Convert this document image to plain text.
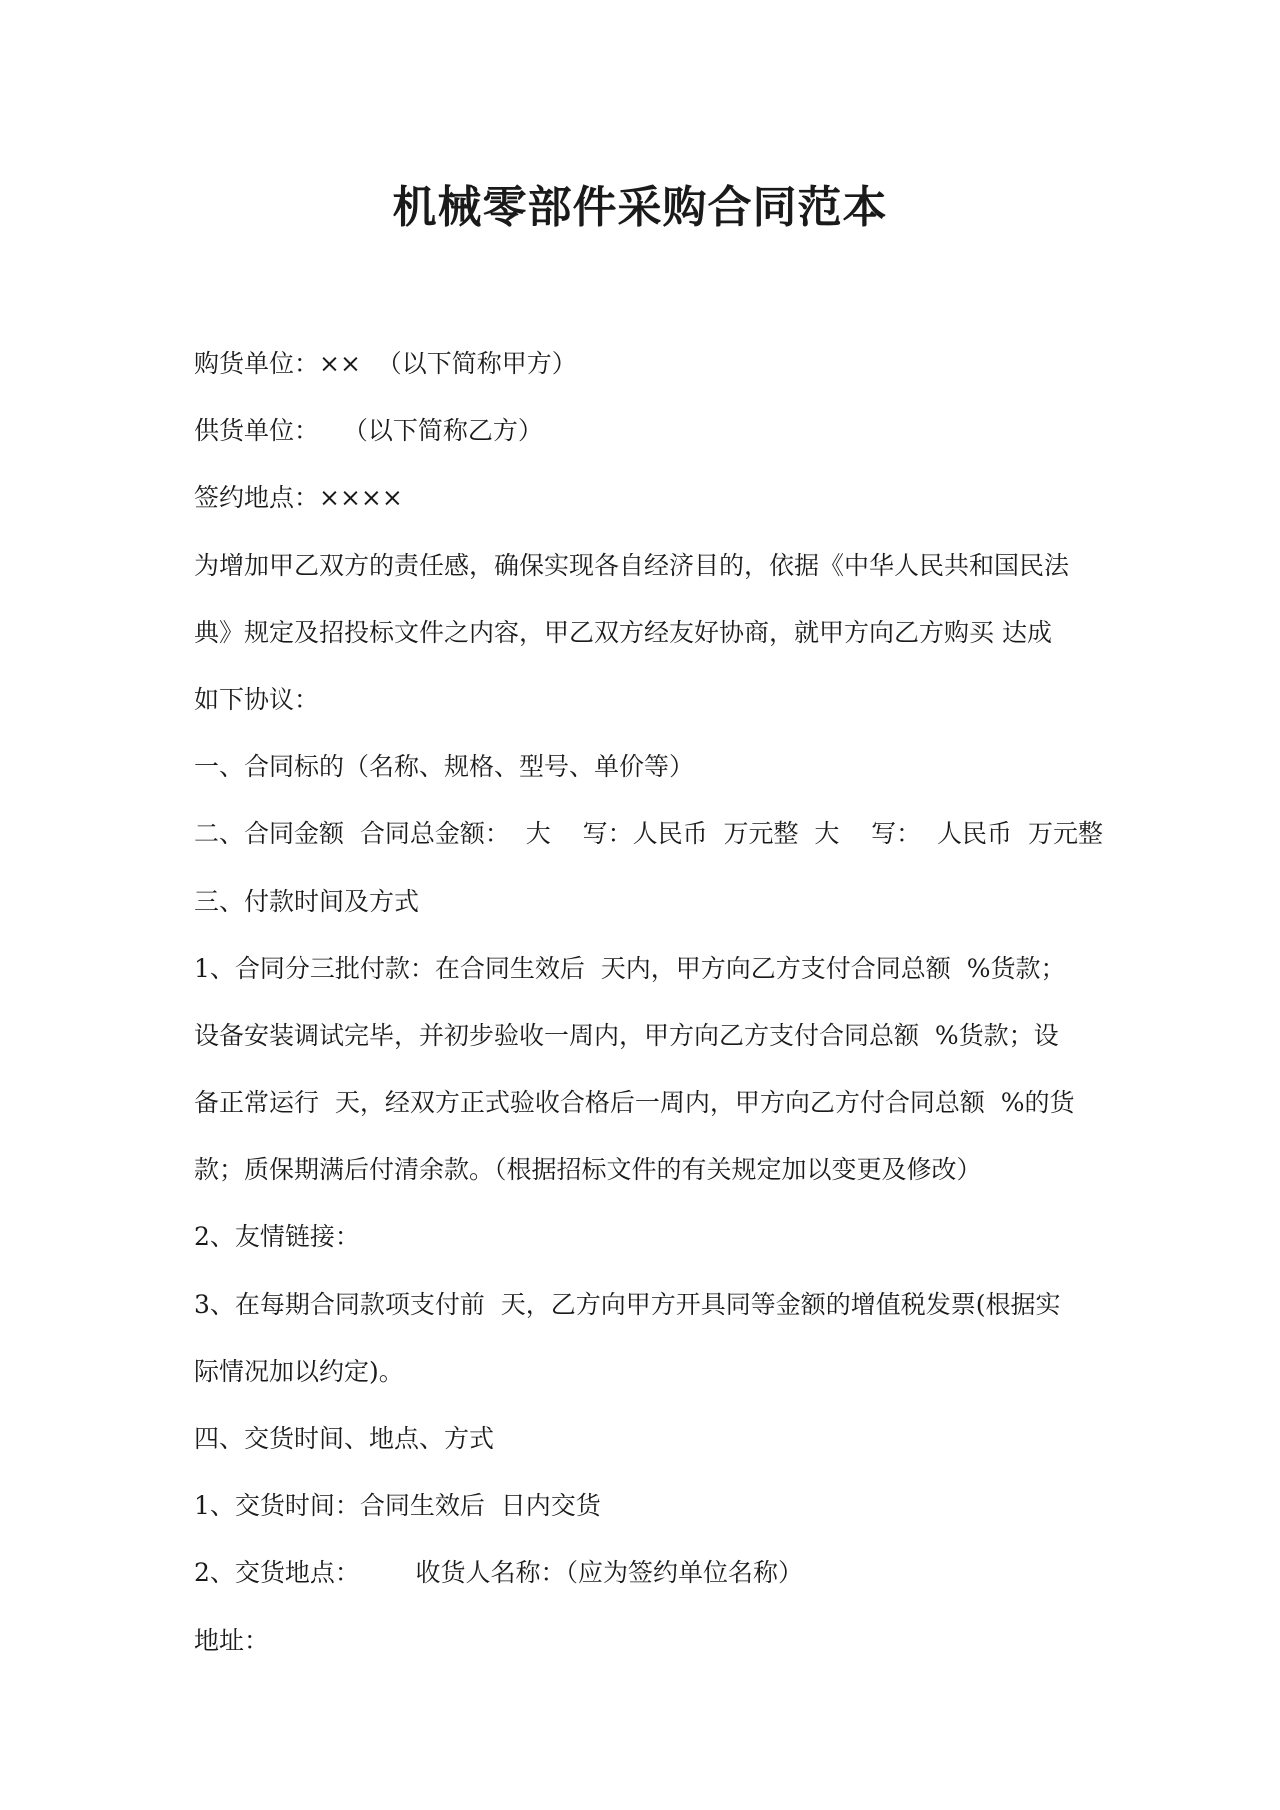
机械零部件采购合同范本

购货单位：××  （以下简称甲方）

供货单位：   （以下简称乙方）

签约地点：××××

为增加甲乙双方的责任感，确保实现各自经济目的，依据《中华人民共和国民法

典》规定及招投标文件之内容，甲乙双方经友好协商，就甲方向乙方购买 达成

如下协议：

一、合同标的（名称、规格、型号、单价等）

二、合同金额  合同总金额：  大    写：人民币  万元整  大    写：  人民币  万元整

三、付款时间及方式

1、合同分三批付款：在合同生效后  天内，甲方向乙方支付合同总额  %货款；

设备安装调试完毕，并初步验收一周内，甲方向乙方支付合同总额  %货款；设

备正常运行  天，经双方正式验收合格后一周内，甲方向乙方付合同总额  %的货

款；质保期满后付清余款。（根据招标文件的有关规定加以变更及修改）

2、友情链接：

3、在每期合同款项支付前  天，乙方向甲方开具同等金额的增值税发票(根据实

际情况加以约定)。

四、交货时间、地点、方式

1、交货时间：合同生效后  日内交货

2、交货地点：       收货人名称：（应为签约单位名称）

地址：
